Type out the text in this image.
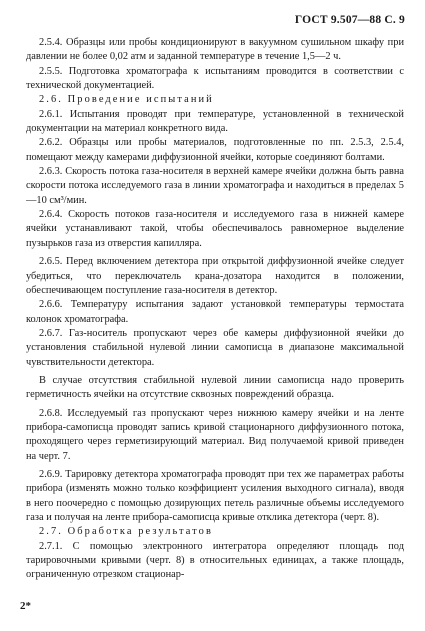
ГОСТ 9.507—88 С. 9

2.5.4. Образцы или пробы кондиционируют в вакуумном сушильном шкафу при давлении не более 0,02 атм и заданной температуре в течение 1,5—2 ч.

2.5.5. Подготовка хроматографа к испытаниям проводится в соответствии с технической документацией.

2.6. Проведение испытаний

2.6.1. Испытания проводят при температуре, установленной в технической документации на материал конкретного вида.

2.6.2. Образцы или пробы материалов, подготовленные по пп. 2.5.3, 2.5.4, помещают между камерами диффузионной ячейки, которые соединяют болтами.

2.6.3. Скорость потока газа-носителя в верхней камере ячейки должна быть равна скорости потока исследуемого газа в линии хроматографа и находиться в пределах 5—10 см³/мин.

2.6.4. Скорость потоков газа-носителя и исследуемого газа в нижней камере ячейки устанавливают такой, чтобы обеспечивалось равномерное выделение пузырьков газа из отверстия капилляра.

2.6.5. Перед включением детектора при открытой диффузионной ячейке следует убедиться, что переключатель крана-дозатора находится в положении, обеспечивающем поступление газа-носителя в детектор.

2.6.6. Температуру испытания задают установкой температуры термостата колонок хроматографа.

2.6.7. Газ-носитель пропускают через обе камеры диффузионной ячейки до установления стабильной нулевой линии самописца в диапазоне максимальной чувствительности детектора.

В случае отсутствия стабильной нулевой линии самописца надо проверить герметичность ячейки на отсутствие сквозных повреждений образца.

2.6.8. Исследуемый газ пропускают через нижнюю камеру ячейки и на ленте прибора-самописца проводят запись кривой стационарного диффузионного потока, проходящего через герметизирующий материал. Вид получаемой кривой приведен на черт. 7.

2.6.9. Тарировку детектора хроматографа проводят при тех же параметрах работы прибора (изменять можно только коэффициент усиления выходного сигнала), вводя в него поочередно с помощью дозирующих петель различные объемы исследуемого газа и получая на ленте прибора-самописца кривые отклика детектора (черт. 8).

2.7. Обработка результатов

2.7.1. С помощью электронного интегратора определяют площадь под тарировочными кривыми (черт. 8) в относительных единицах, а также площадь, ограниченную отрезком стационар-

2*
